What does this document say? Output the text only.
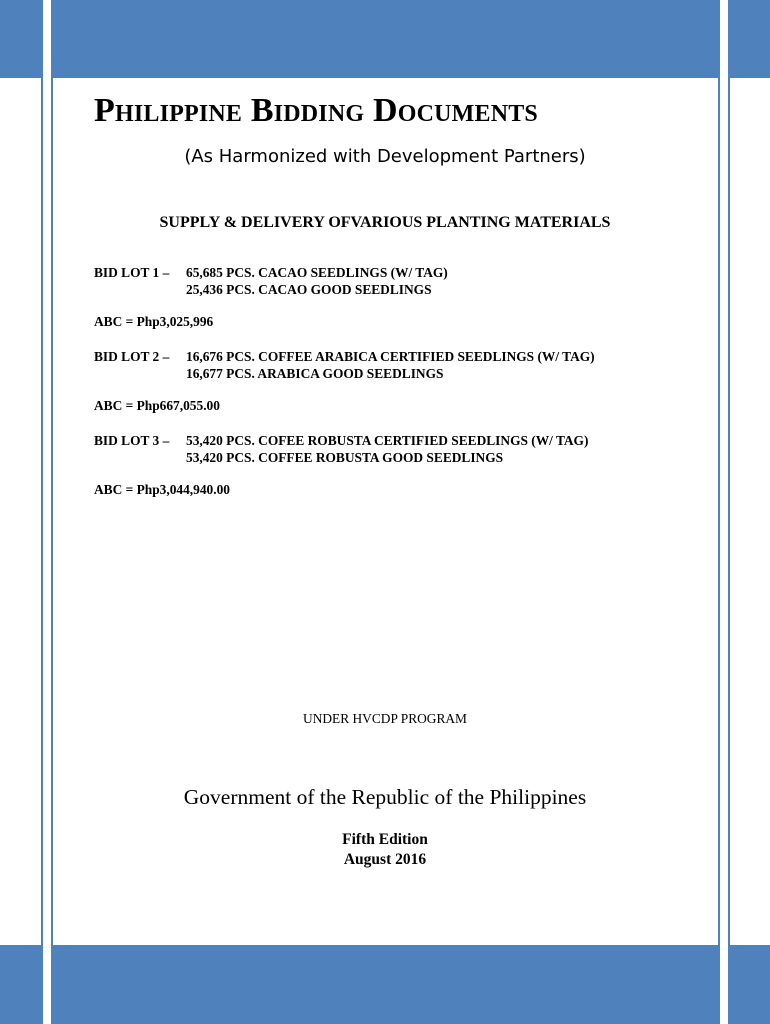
Philippine Bidding Documents
(As Harmonized with Development Partners)
SUPPLY & DELIVERY OFVARIOUS PLANTING MATERIALS
BID LOT 1 – 65,685 PCS. CACAO SEEDLINGS (W/ TAG)
25,436 PCS. CACAO GOOD SEEDLINGS
ABC = Php3,025,996
BID LOT 2 – 16,676 PCS. COFFEE ARABICA CERTIFIED SEEDLINGS (W/ TAG)
16,677 PCS. ARABICA GOOD SEEDLINGS
ABC = Php667,055.00
BID LOT 3 – 53,420 PCS. COFEE ROBUSTA CERTIFIED SEEDLINGS (W/ TAG)
53,420 PCS. COFFEE ROBUSTA GOOD SEEDLINGS
ABC = Php3,044,940.00
UNDER HVCDP PROGRAM
Government of the Republic of the Philippines
Fifth Edition
August 2016
